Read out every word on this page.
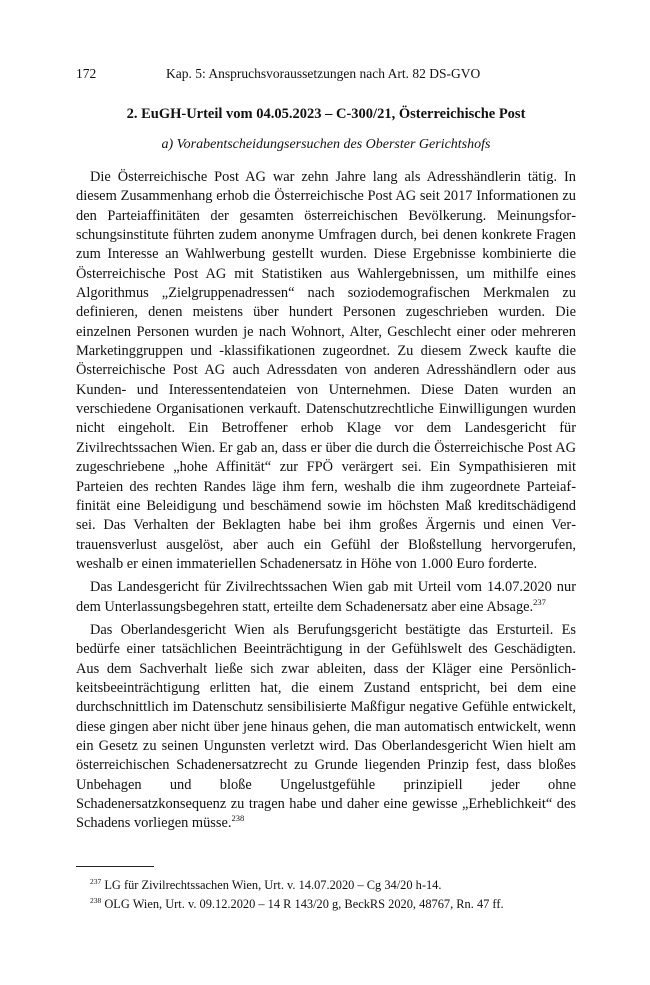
172	Kap. 5: Anspruchsvoraussetzungen nach Art. 82 DS-GVO
2. EuGH-Urteil vom 04.05.2023 – C-300/21, Österreichische Post
a) Vorabentscheidungsersuchen des Oberster Gerichtshofs

Die Österreichische Post AG war zehn Jahre lang als Adresshändlerin tätig. In diesem Zusammenhang erhob die Österreichische Post AG seit 2017 Informationen zu den Parteiaffinitäten der gesamten österreichischen Bevölkerung. Meinungsforschungsinstitute führten zudem anonyme Umfragen durch, bei denen konkrete Fragen zum Interesse an Wahlwerbung gestellt wurden. Diese Ergebnisse kombinierte die Österreichische Post AG mit Statistiken aus Wahlergebnissen, um mithilfe eines Algorithmus „Zielgruppenadressen“ nach soziodemografischen Merkmalen zu definieren, denen meistens über hundert Personen zugeschrieben wurden. Die einzelnen Personen wurden je nach Wohnort, Alter, Geschlecht einer oder mehreren Marketinggruppen und -klassifikationen zugeordnet. Zu diesem Zweck kaufte die Österreichische Post AG auch Adressdaten von anderen Adresshändlern oder aus Kunden- und Interessentendateien von Unternehmen. Diese Daten wurden an verschiedene Organisationen verkauft. Datenschutzrechtliche Einwilligungen wurden nicht eingeholt. Ein Betroffener erhob Klage vor dem Landesgericht für Zivilrechtssachen Wien. Er gab an, dass er über die durch die Österreichische Post AG zugeschriebene „hohe Affinität“ zur FPÖ verärgert sei. Ein Sympathisieren mit Parteien des rechten Randes läge ihm fern, weshalb die ihm zugeordnete Parteiaffinität eine Beleidigung und beschämend sowie im höchsten Maß kreditschädigend sei. Das Verhalten der Beklagten habe bei ihm großes Ärgernis und einen Vertrauensverlust ausgelöst, aber auch ein Gefühl der Bloßstellung hervorgerufen, weshalb er einen immateriellen Schadenersatz in Höhe von 1.000 Euro forderte.

Das Landesgericht für Zivilrechtssachen Wien gab mit Urteil vom 14.07.2020 nur dem Unterlassungsbegehren statt, erteilte dem Schadenersatz aber eine Absage.$^{237}$

Das Oberlandesgericht Wien als Berufungsgericht bestätigte das Ersturteil. Es bedürfe einer tatsächlichen Beeinträchtigung in der Gefühlswelt des Geschädigten. Aus dem Sachverhalt ließe sich zwar ableiten, dass der Kläger eine Persönlichkeitsbeeinträchtigung erlitten hat, die einem Zustand entspricht, bei dem eine durchschnittlich im Datenschutz sensibilisierte Maßfigur negative Gefühle entwickelt, diese gingen aber nicht über jene hinaus gehen, die man automatisch entwickelt, wenn ein Gesetz zu seinen Ungunsten verletzt wird. Das Oberlandesgericht Wien hielt am österreichischen Schadenersatzrecht zu Grunde liegenden Prinzip fest, dass bloßes Unbehagen und bloße Ungelustgefühle prinzipiell jeder ohne Schadenersatzkonsequenz zu tragen habe und daher eine gewisse „Erheblichkeit“ des Schadens vorliegen müsse.$^{238}$

$^{237}$ LG für Zivilrechtssachen Wien, Urt. v. 14.07.2020 – Cg 34/20 h-14.

$^{238}$ OLG Wien, Urt. v. 09.12.2020 – 14 R 143/20 g, BeckRS 2020, 48767, Rn. 47 ff.
